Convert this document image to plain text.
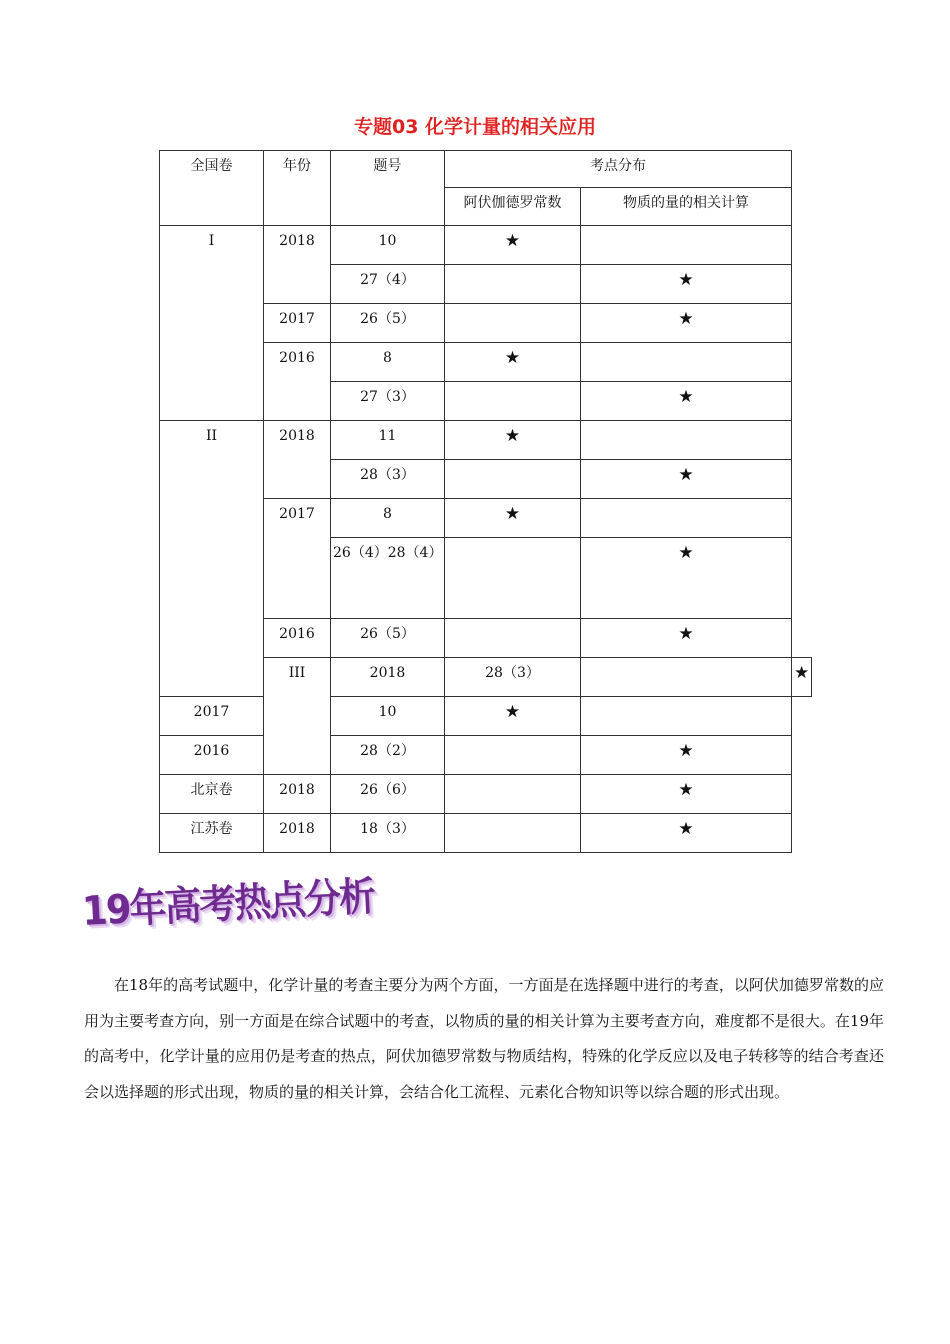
专题03 化学计量的相关应用
全国卷	年份	题号	考点分布		
			阿伏伽德罗常数	物质的量的相关计算	
I	2018	10	★		
		27（4）		★	
	2017	26（5）		★	
	2016	8	★		
		27（3）		★	
II	2018	11	★		
		28（3）		★	
	2017	8	★		
		26（4）28（4）		★	
	2016	26（5）		★	
	III	2018	28（3）		★
2017		10	★		
2016		28（2）		★	
北京卷	2018	26（6）		★	
江苏卷	2018	18（3）		★	
19年高考热点分析
在18年的高考试题中，化学计量的考查主要分为两个方面，一方面是在选择题中进行的考查，以阿伏加德罗常数的应用为主要考查方向，别一方面是在综合试题中的考查，以物质的量的相关计算为主要考查方向，难度都不是很大。在19年的高考中，化学计量的应用仍是考查的热点，阿伏加德罗常数与物质结构，特殊的化学反应以及电子转移等的结合考查还会以选择题的形式出现，物质的量的相关计算，会结合化工流程、元素化合物知识等以综合题的形式出现。
